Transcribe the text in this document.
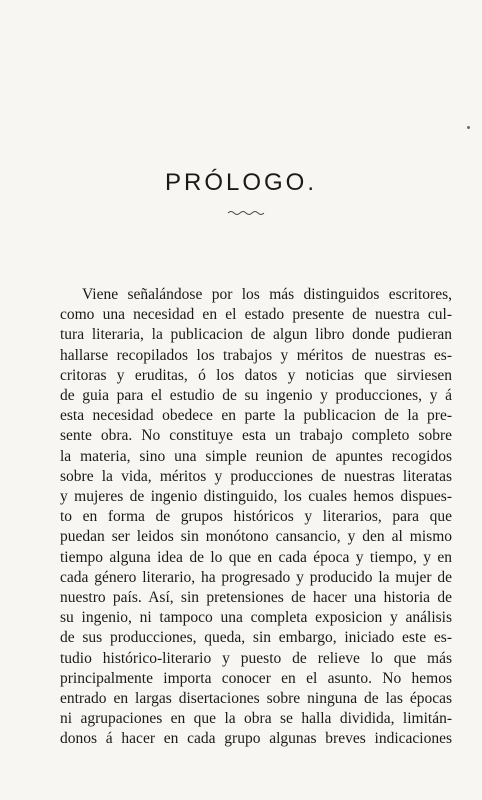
PRÓLOGO.

Viene señalándose por los más distinguidos escritores,
como una necesidad en el estado presente de nuestra cul-
tura literaria, la publicacion de algun libro donde pudieran
hallarse recopilados los trabajos y méritos de nuestras es-
critoras y eruditas, ó los datos y noticias que sirviesen
de guia para el estudio de su ingenio y producciones, y á
esta necesidad obedece en parte la publicacion de la pre-
sente obra. No constituye esta un trabajo completo sobre
la materia, sino una simple reunion de apuntes recogidos
sobre la vida, méritos y producciones de nuestras literatas
y mujeres de ingenio distinguido, los cuales hemos dispues-
to en forma de grupos históricos y literarios, para que
puedan ser leidos sin monótono cansancio, y den al mismo
tiempo alguna idea de lo que en cada época y tiempo, y en
cada género literario, ha progresado y producido la mujer de
nuestro país. Así, sin pretensiones de hacer una historia de
su ingenio, ni tampoco una completa exposicion y análisis
de sus producciones, queda, sin embargo, iniciado este es-
tudio histórico-literario y puesto de relieve lo que más
principalmente importa conocer en el asunto. No hemos
entrado en largas disertaciones sobre ninguna de las épocas
ni agrupaciones en que la obra se halla dividida, limitán-
donos á hacer en cada grupo algunas breves indicaciones
